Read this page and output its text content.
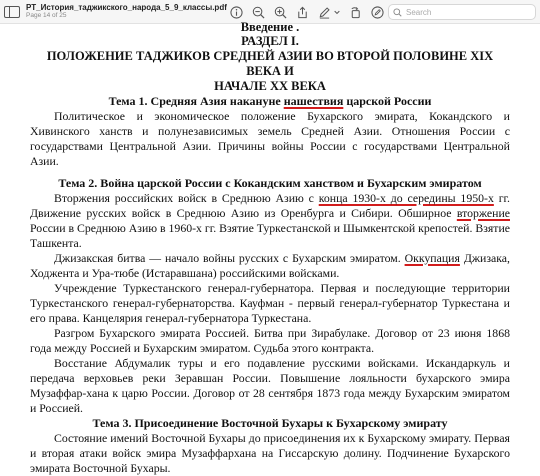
РТ_История_таджикского_народа_5_9_классы.pdf
Page 14 of 25
Search
Введение .
РАЗДЕЛ I.
ПОЛОЖЕНИЕ ТАДЖИКОВ СРЕДНЕЙ АЗИИ ВО ВТОРОЙ ПОЛОВИНЕ XIX ВЕКА И
НАЧАЛЕ XX ВЕКА
Тема 1. Средняя Азия накануне нашествия царской России

Политическое и экономическое положение Бухарского эмирата, Кокандского и Хивинского ханств и полунезависимых земель Средней Азии. Отношения России с государствами Центральной Азии. Причины войны России с государствами Центральной Азии.

Тема 2. Война царской России с Кокандским ханством и Бухарским эмиратом

Вторжения российских войск в Среднюю Азию с конца 1930-х до середины 1950-х гг. Движение русских войск в Среднюю Азию из Оренбурга и Сибири. Обширное вторжение России в Среднюю Азию в 1960-х гг. Взятие Туркестанской и Шымкентской крепостей. Взятие Ташкента.

Джизакская битва — начало войны русских с Бухарским эмиратом. Оккупация Джизака, Ходжента и Ура-тюбе (Истаравшана) российскими войсками.

Учреждение Туркестанского генерал-губернатора. Первая и последующие территории Туркестанского генерал-губернаторства. Кауфман - первый генерал-губернатор Туркестана и его права. Канцелярия генерал-губернатора Туркестана.

Разгром Бухарского эмирата Россией. Битва при Зирабулаке. Договор от 23 июня 1868 года между Россией и Бухарским эмиратом. Судьба этого контракта.

Восстание Абдумалик туры и его подавление русскими войсками. Искандаркуль и передача верховьев реки Зеравшан России. Повышение лояльности бухарского эмира Музаффар-хана к царю России. Договор от 28 сентября 1873 года между Бухарским эмиратом и Россией.

Тема 3. Присоединение Восточной Бухары к Бухарскому эмирату

Состояние имений Восточной Бухары до присоединения их к Бухарскому эмирату. Первая и вторая атаки войск эмира Музаффархана на Гиссарскую долину. Подчинение Бухарского эмирата Восточной Бухары.
